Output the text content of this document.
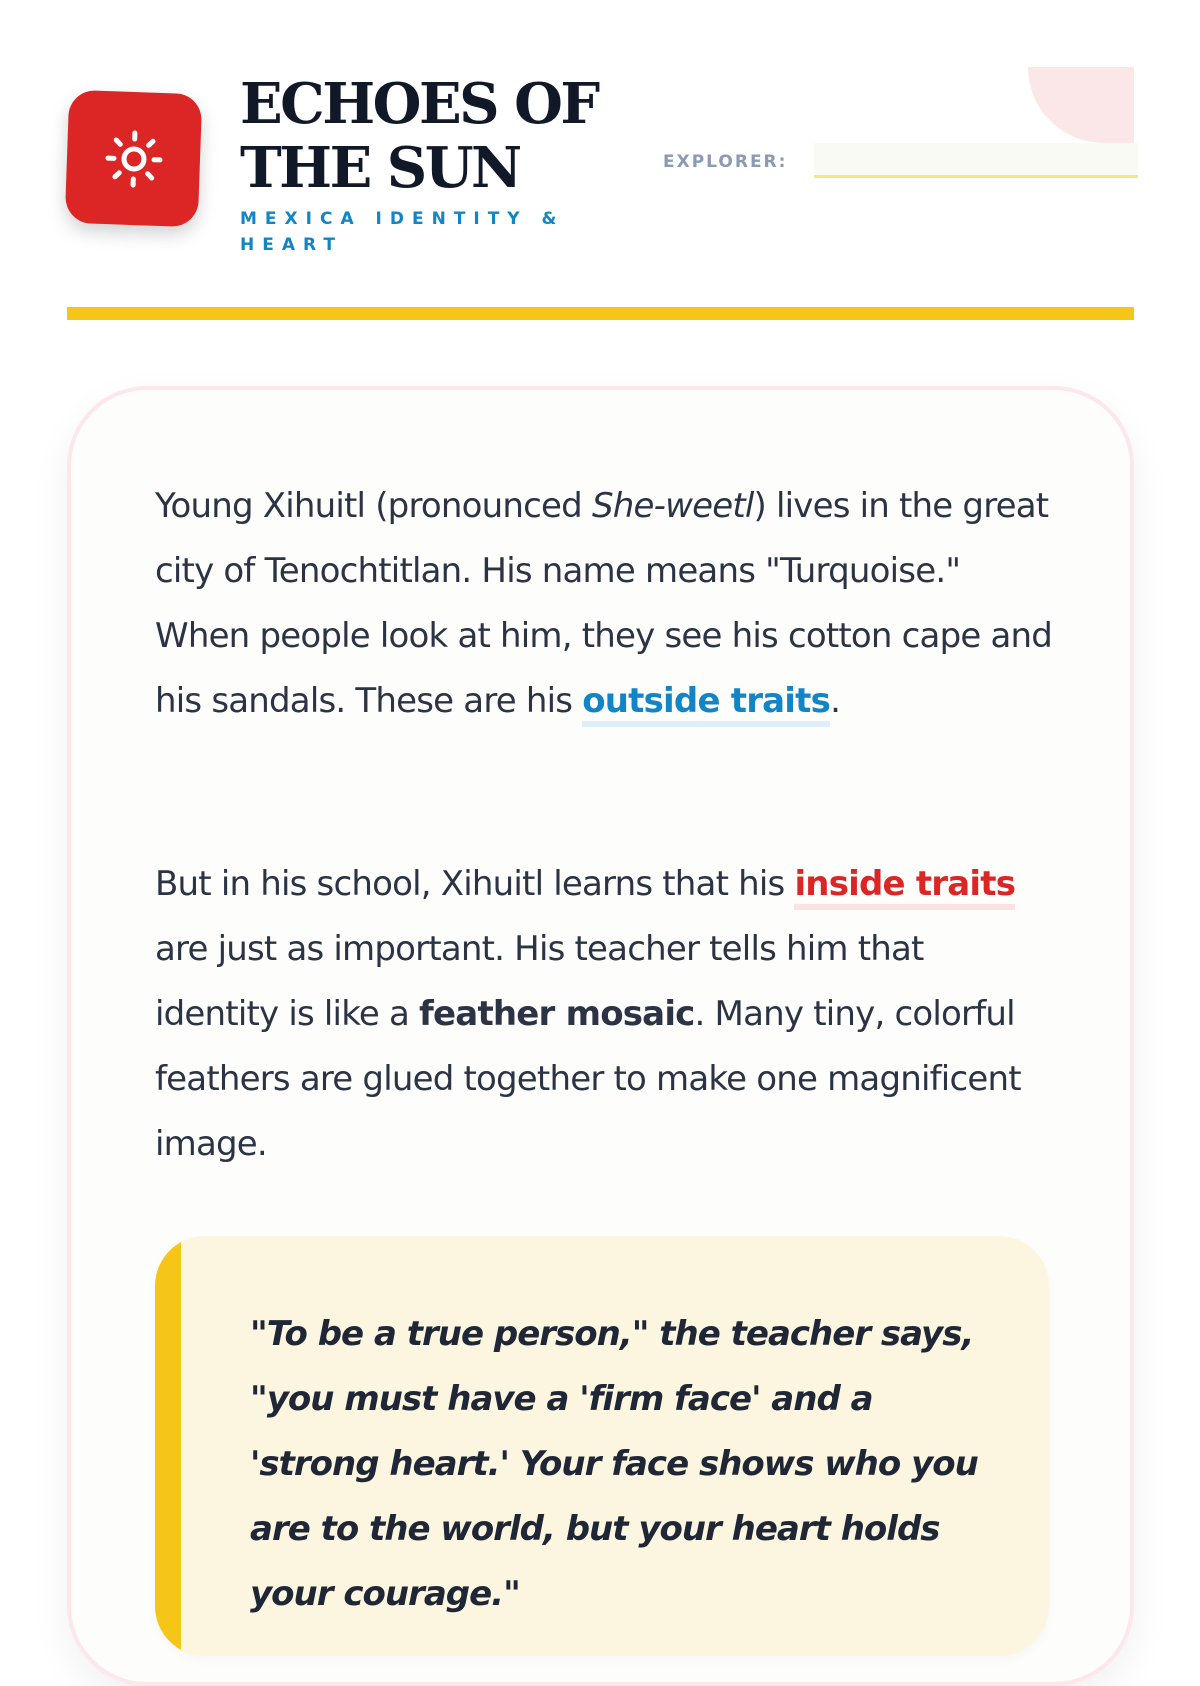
ECHOES OF
THE SUN
MEXICA IDENTITY & HEART
EXPLORER:

Young Xihuitl (pronounced She-weetl) lives in the great city of Tenochtitlan. His name means "Turquoise." When people look at him, they see his cotton cape and his sandals. These are his outside traits.

But in his school, Xihuitl learns that his inside traits are just as important. His teacher tells him that identity is like a feather mosaic. Many tiny, colorful feathers are glued together to make one magnificent image.

"To be a true person," the teacher says, "you must have a 'firm face' and a 'strong heart.' Your face shows who you are to the world, but your heart holds your courage."
